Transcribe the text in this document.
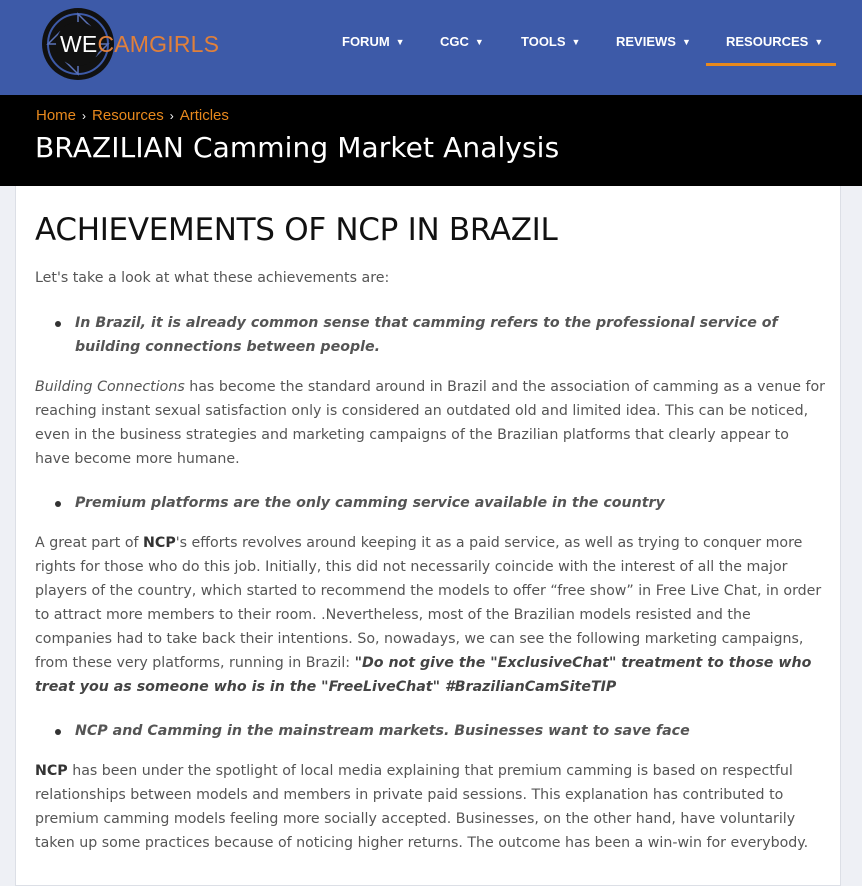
WECAMGIRLS	FORUM ▼	CGC ▼	TOOLS ▼	REVIEWS ▼	RESOURCES ▼
Home › Resources › Articles
BRAZILIAN Camming Market Analysis
ACHIEVEMENTS OF NCP IN BRAZIL
Let's take a look at what these achievements are:
In Brazil, it is already common sense that camming refers to the professional service of building connections between people.
Building Connections has become the standard around in Brazil and the association of camming as a venue for reaching instant sexual satisfaction only is considered an outdated old and limited idea. This can be noticed, even in the business strategies and marketing campaigns of the Brazilian platforms that clearly appear to have become more humane.
Premium platforms are the only camming service available in the country
A great part of NCP's efforts revolves around keeping it as a paid service, as well as trying to conquer more rights for those who do this job. Initially, this did not necessarily coincide with the interest of all the major players of the country, which started to recommend the models to offer “free show” in Free Live Chat, in order to attract more members to their room. .Nevertheless, most of the Brazilian models resisted and the companies had to take back their intentions. So, nowadays, we can see the following marketing campaigns, from these very platforms, running in Brazil: "Do not give the "ExclusiveChat" treatment to those who treat you as someone who is in the "FreeLiveChat" #BrazilianCamSiteTIP
NCP and Camming in the mainstream markets. Businesses want to save face
NCP has been under the spotlight of local media explaining that premium camming is based on respectful relationships between models and members in private paid sessions. This explanation has contributed to premium camming models feeling more socially accepted. Businesses, on the other hand, have voluntarily taken up some practices because of noticing higher returns. The outcome has been a win-win for everybody.
